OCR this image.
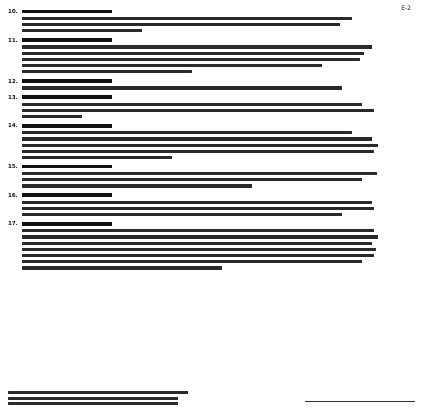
E-2
10.
11.
12.
13.
14.
15.
16.
17.
